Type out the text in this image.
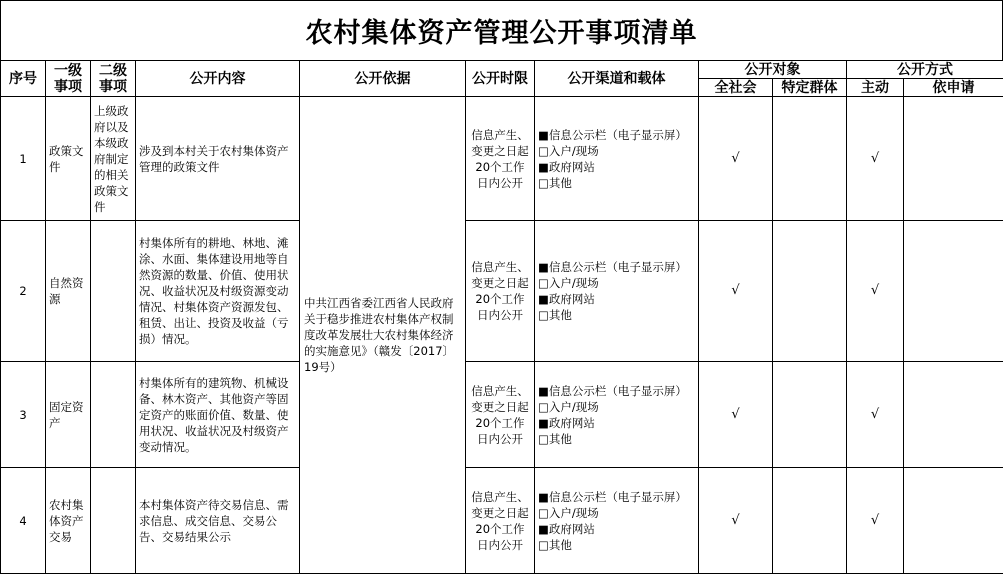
农村集体资产管理公开事项清单
序号	一级事项	二级事项	公开内容	公开依据	公开时限	公开渠道和载体	公开对象		公开方式	
							全社会	特定群体	主动	依申请
1	政策文件	上级政府以及本级政府制定的相关政策文件	涉及到本村关于农村集体资产管理的政策文件	中共江西省委江西省人民政府关于稳步推进农村集体产权制度改革发展壮大农村集体经济的实施意见》（赣发〔2017〕19号）	信息产生、变更之日起20个工作日内公开	■信息公示栏（电子显示屏）
□入户/现场
■政府网站
□其他	√		√	
2	自然资源		村集体所有的耕地、林地、滩涂、水面、集体建设用地等自然资源的数量、价值、使用状况、收益状况及村级资源变动情况、村集体资产资源发包、租赁、出让、投资及收益（亏损）情况。		信息产生、变更之日起20个工作日内公开	■信息公示栏（电子显示屏）
□入户/现场
■政府网站
□其他	√		√	
3	固定资产		村集体所有的建筑物、机械设备、林木资产、其他资产等固定资产的账面价值、数量、使用状况、收益状况及村级资产变动情况。		信息产生、变更之日起20个工作日内公开	■信息公示栏（电子显示屏）
□入户/现场
■政府网站
□其他	√		√	
4	农村集体资产交易		本村集体资产待交易信息、需求信息、成交信息、交易公告、交易结果公示		信息产生、变更之日起20个工作日内公开	■信息公示栏（电子显示屏）
□入户/现场
■政府网站
□其他	√		√	
